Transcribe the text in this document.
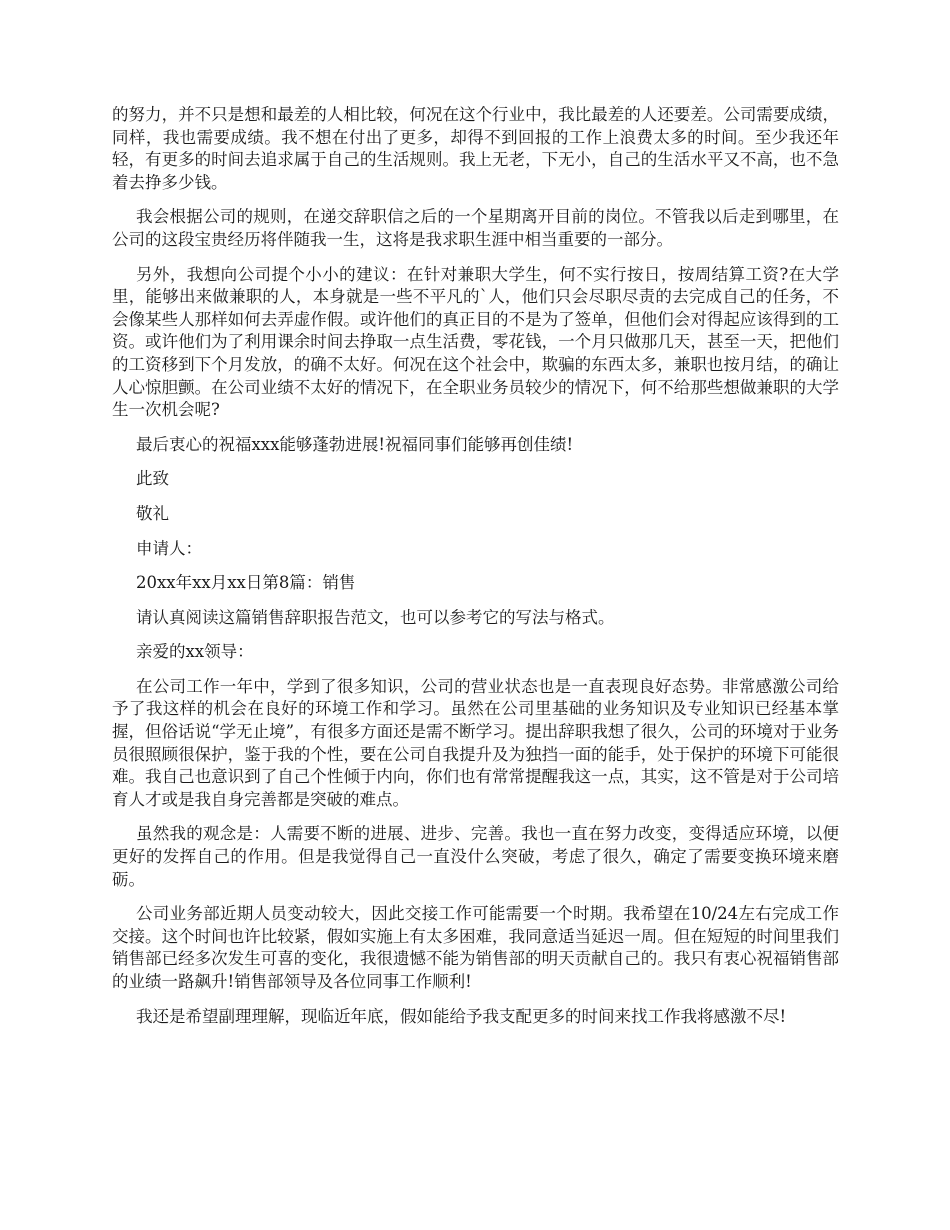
的努力，并不只是想和最差的人相比较，何况在这个行业中，我比最差的人还要差。公司需要成绩，同样，我也需要成绩。我不想在付出了更多，却得不到回报的工作上浪费太多的时间。至少我还年轻，有更多的时间去追求属于自己的生活规则。我上无老，下无小，自己的生活水平又不高，也不急着去挣多少钱。

我会根据公司的规则，在递交辞职信之后的一个星期离开目前的岗位。不管我以后走到哪里，在公司的这段宝贵经历将伴随我一生，这将是我求职生涯中相当重要的一部分。

另外，我想向公司提个小小的建议：在针对兼职大学生，何不实行按日，按周结算工资?在大学里，能够出来做兼职的人，本身就是一些不平凡的`人，他们只会尽职尽责的去完成自己的任务，不会像某些人那样如何去弄虚作假。或许他们的真正目的不是为了签单，但他们会对得起应该得到的工资。或许他们为了利用课余时间去挣取一点生活费，零花钱，一个月只做那几天，甚至一天，把他们的工资移到下个月发放，的确不太好。何况在这个社会中，欺骗的东西太多，兼职也按月结，的确让人心惊胆颤。在公司业绩不太好的情况下，在全职业务员较少的情况下，何不给那些想做兼职的大学生一次机会呢?

最后衷心的祝福xxx能够蓬勃进展!祝福同事们能够再创佳绩!

此致

敬礼

申请人：

20xx年xx月xx日第8篇：销售

请认真阅读这篇销售辞职报告范文，也可以参考它的写法与格式。

亲爱的xx领导：

在公司工作一年中，学到了很多知识，公司的营业状态也是一直表现良好态势。非常感激公司给予了我这样的机会在良好的环境工作和学习。虽然在公司里基础的业务知识及专业知识已经基本掌握，但俗话说“学无止境”，有很多方面还是需不断学习。提出辞职我想了很久，公司的环境对于业务员很照顾很保护，鉴于我的个性，要在公司自我提升及为独挡一面的能手，处于保护的环境下可能很难。我自己也意识到了自己个性倾于内向，你们也有常常提醒我这一点，其实，这不管是对于公司培育人才或是我自身完善都是突破的难点。

虽然我的观念是：人需要不断的进展、进步、完善。我也一直在努力改变，变得适应环境，以便更好的发挥自己的作用。但是我觉得自己一直没什么突破，考虑了很久，确定了需要变换环境来磨砺。

公司业务部近期人员变动较大，因此交接工作可能需要一个时期。我希望在10/24左右完成工作交接。这个时间也许比较紧，假如实施上有太多困难，我同意适当延迟一周。但在短短的时间里我们销售部已经多次发生可喜的变化，我很遗憾不能为销售部的明天贡献自己的。我只有衷心祝福销售部的业绩一路飙升!销售部领导及各位同事工作顺利!

我还是希望副理理解，现临近年底，假如能给予我支配更多的时间来找工作我将感激不尽!
